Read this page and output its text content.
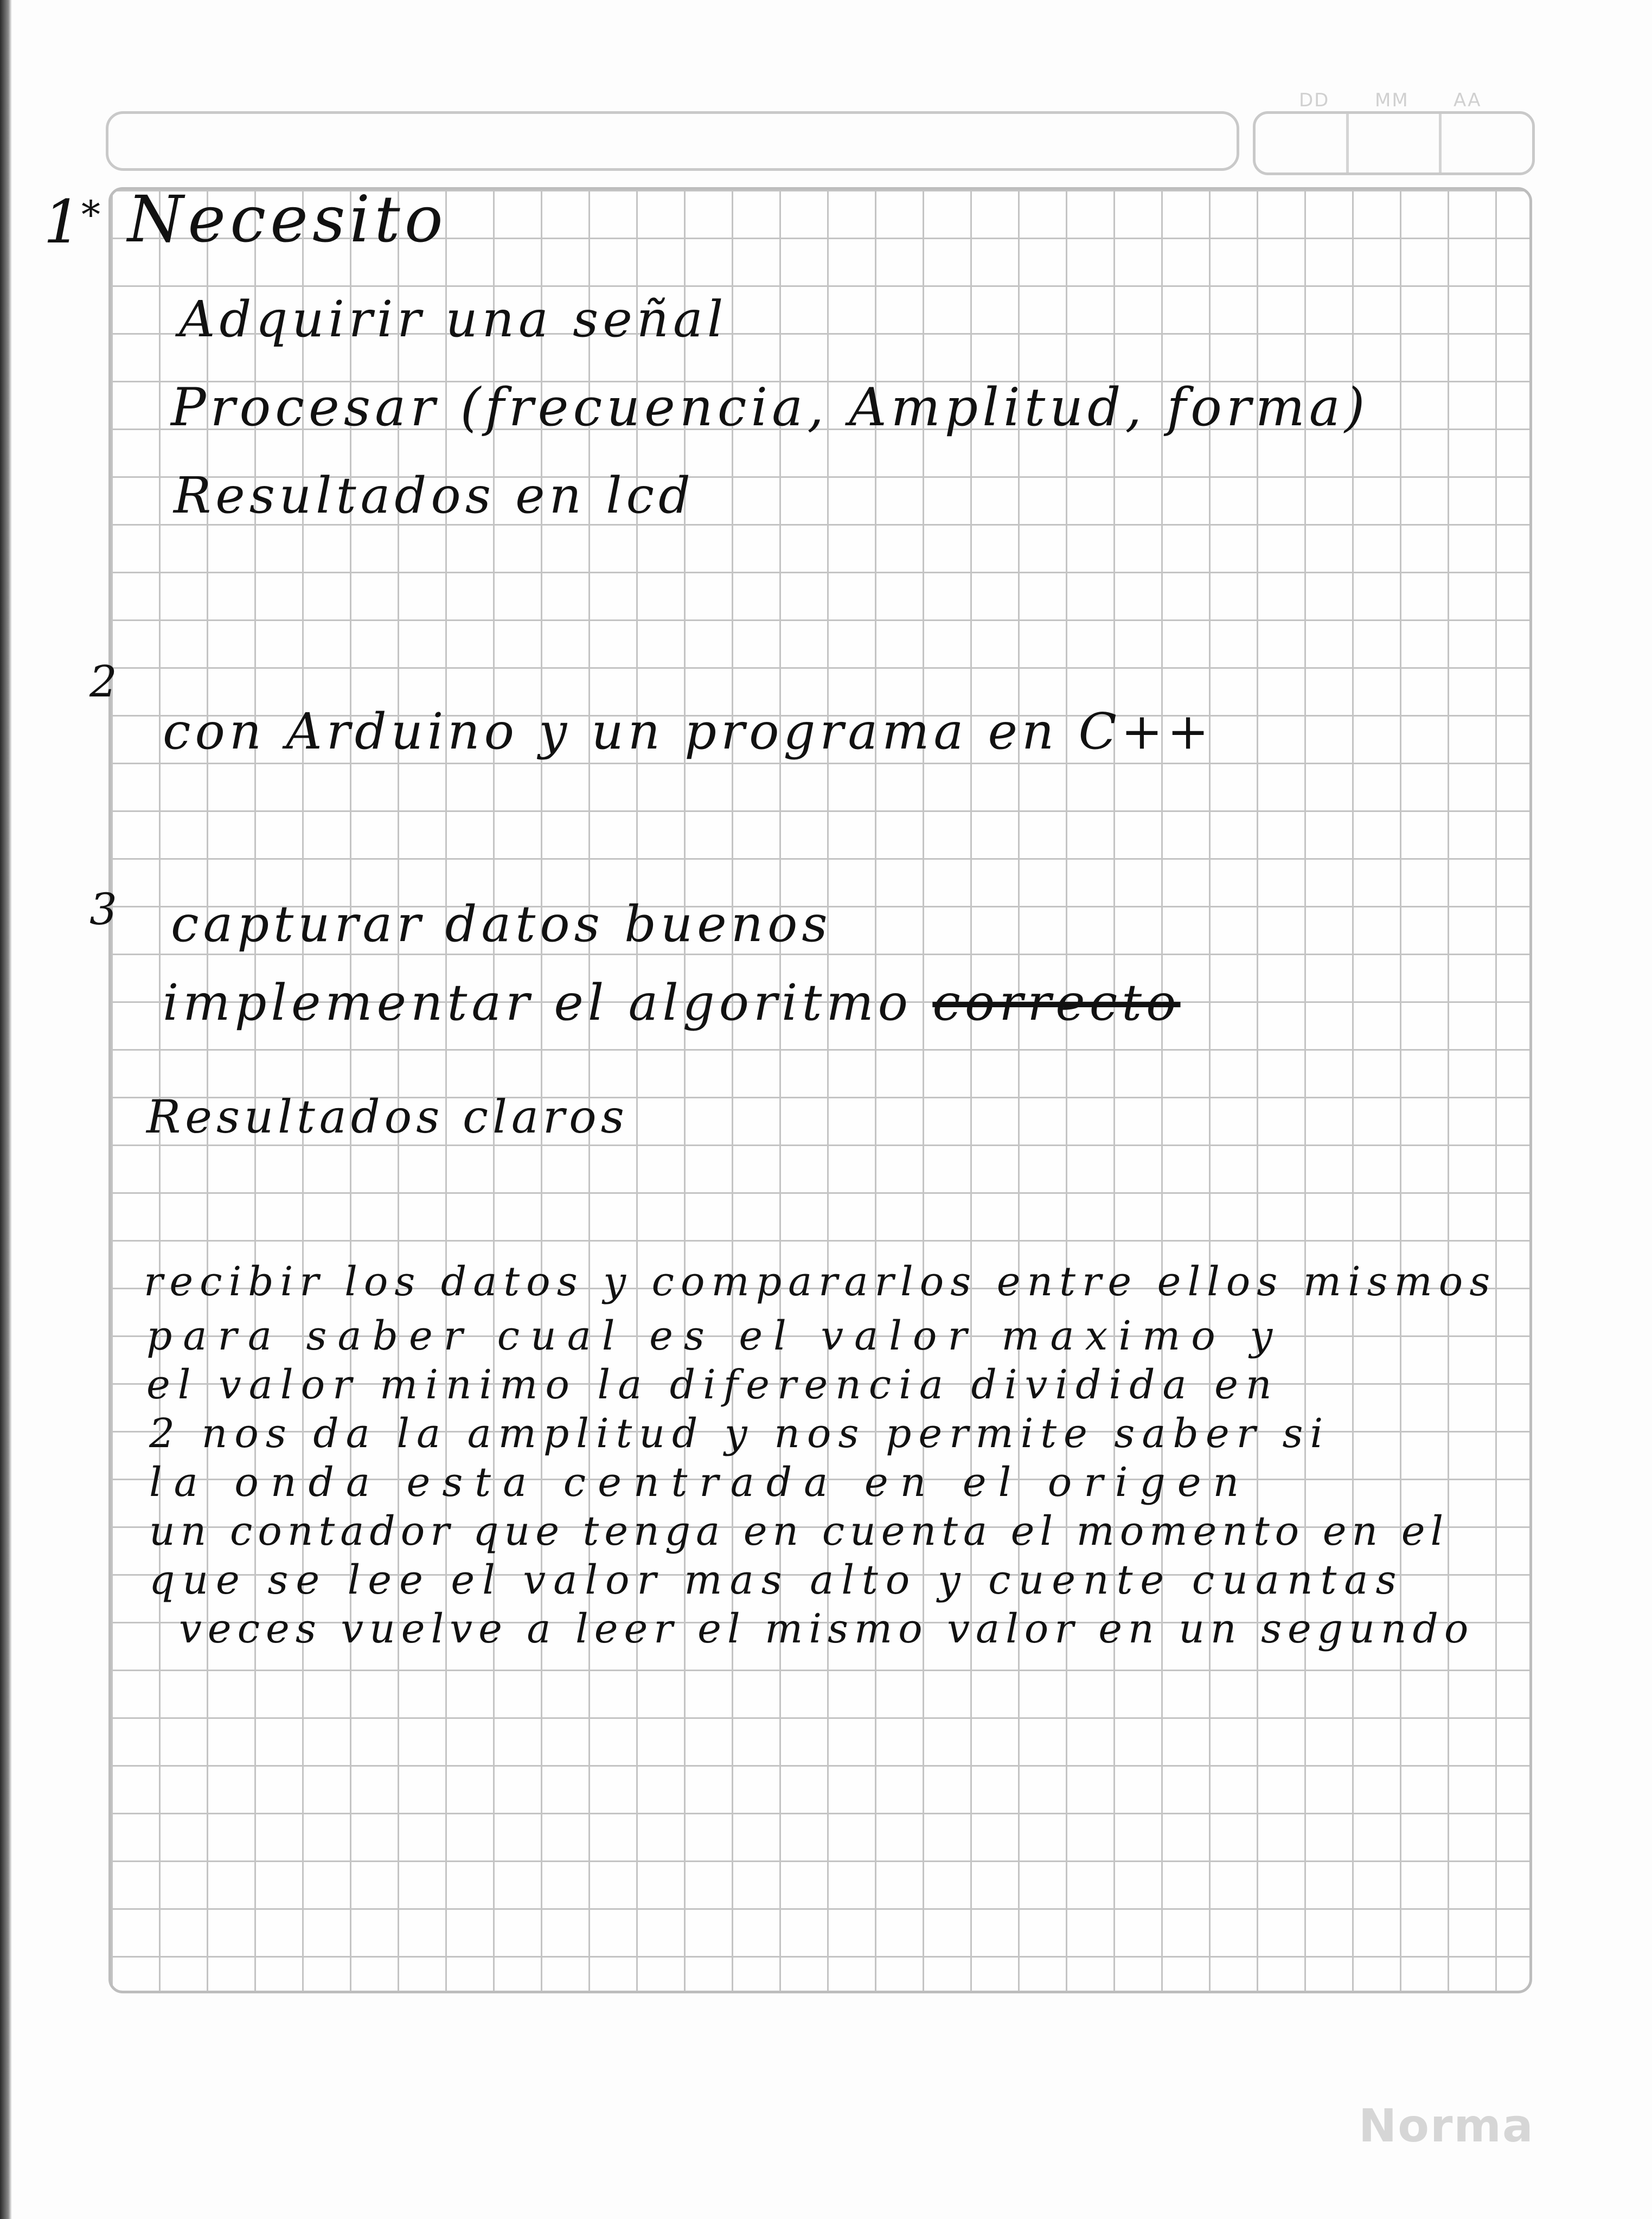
DD MM AA
1
* Necesito
Adquirir una señal
Procesar (frecuencia, Amplitud, forma)
Resultados en lcd
2
con Arduino y un programa en C++
3 capturar datos buenos
implementar el algoritmo correcto
Resultados claros
recibir los datos y compararlos entre ellos mismos
para saber cual es el valor maximo y
el valor minimo la diferencia dividida en
2 nos da la amplitud y nos permite saber si
la onda esta centrada en el origen
un contador que tenga en cuenta el momento en el
que se lee el valor mas alto y cuente cuantas
veces vuelve a leer el mismo valor en un segundo
Norma
